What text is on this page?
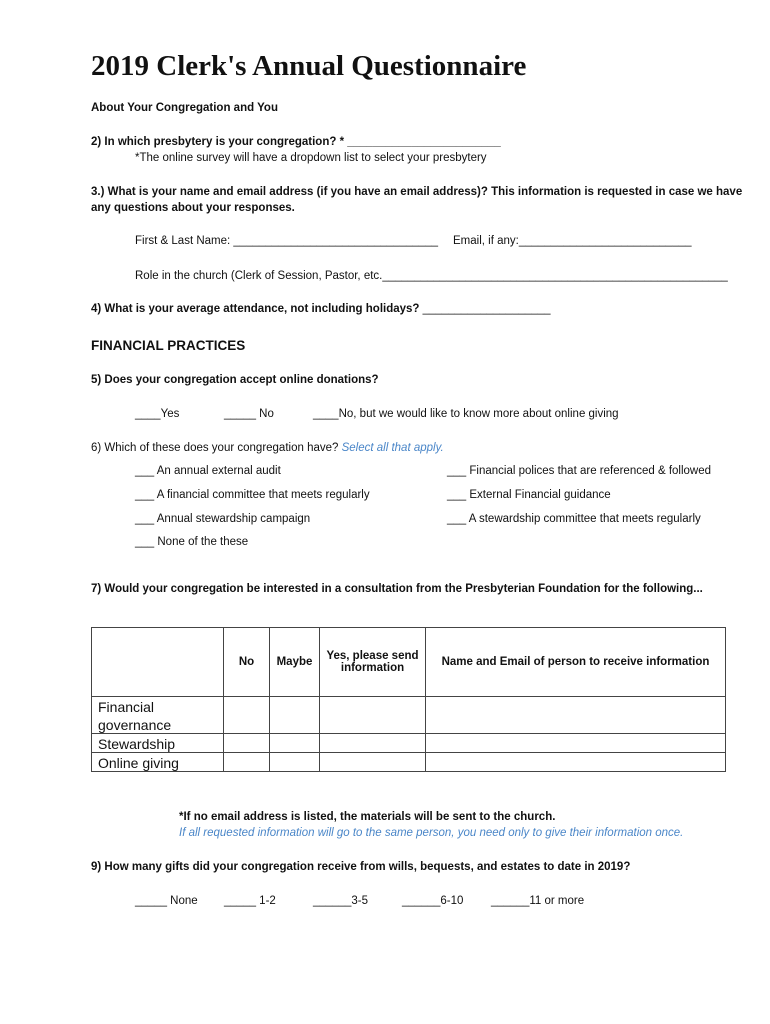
2019 Clerk's Annual Questionnaire
About Your Congregation and You
2) In which presbytery is your congregation? * ________________________
*The online survey will have a dropdown list to select your presbytery
3.) What is your name and email address (if you have an email address)? This information is requested in case we have
any questions about your responses.
First & Last Name: ________________________________ Email, if any:___________________________
Role in the church (Clerk of Session, Pastor, etc.______________________________________________________
4) What is your average attendance, not including holidays? ____________________
FINANCIAL PRACTICES
5) Does your congregation accept online donations?
____Yes	_____ No	____No, but we would like to know more about online giving
6) Which of these does your congregation have? Select all that apply.
___ An annual external audit
___ A financial committee that meets regularly
___ Annual stewardship campaign
___ None of the these
___ Financial polices that are referenced & followed
___ External Financial guidance
___ A stewardship committee that meets regularly
7) Would your congregation be interested in a consultation from the Presbyterian Foundation for the following...
	No	Maybe	Yes, please send information	Name and Email of person to receive information
Financial				
governance				
Stewardship				
Online giving				
*If no email address is listed, the materials will be sent to the church.
If all requested information will go to the same person, you need only to give their information once.
9) How many gifts did your congregation receive from wills, bequests, and estates to date in 2019?
_____ None _____ 1-2	______3-5	______6-10 ______11 or more
